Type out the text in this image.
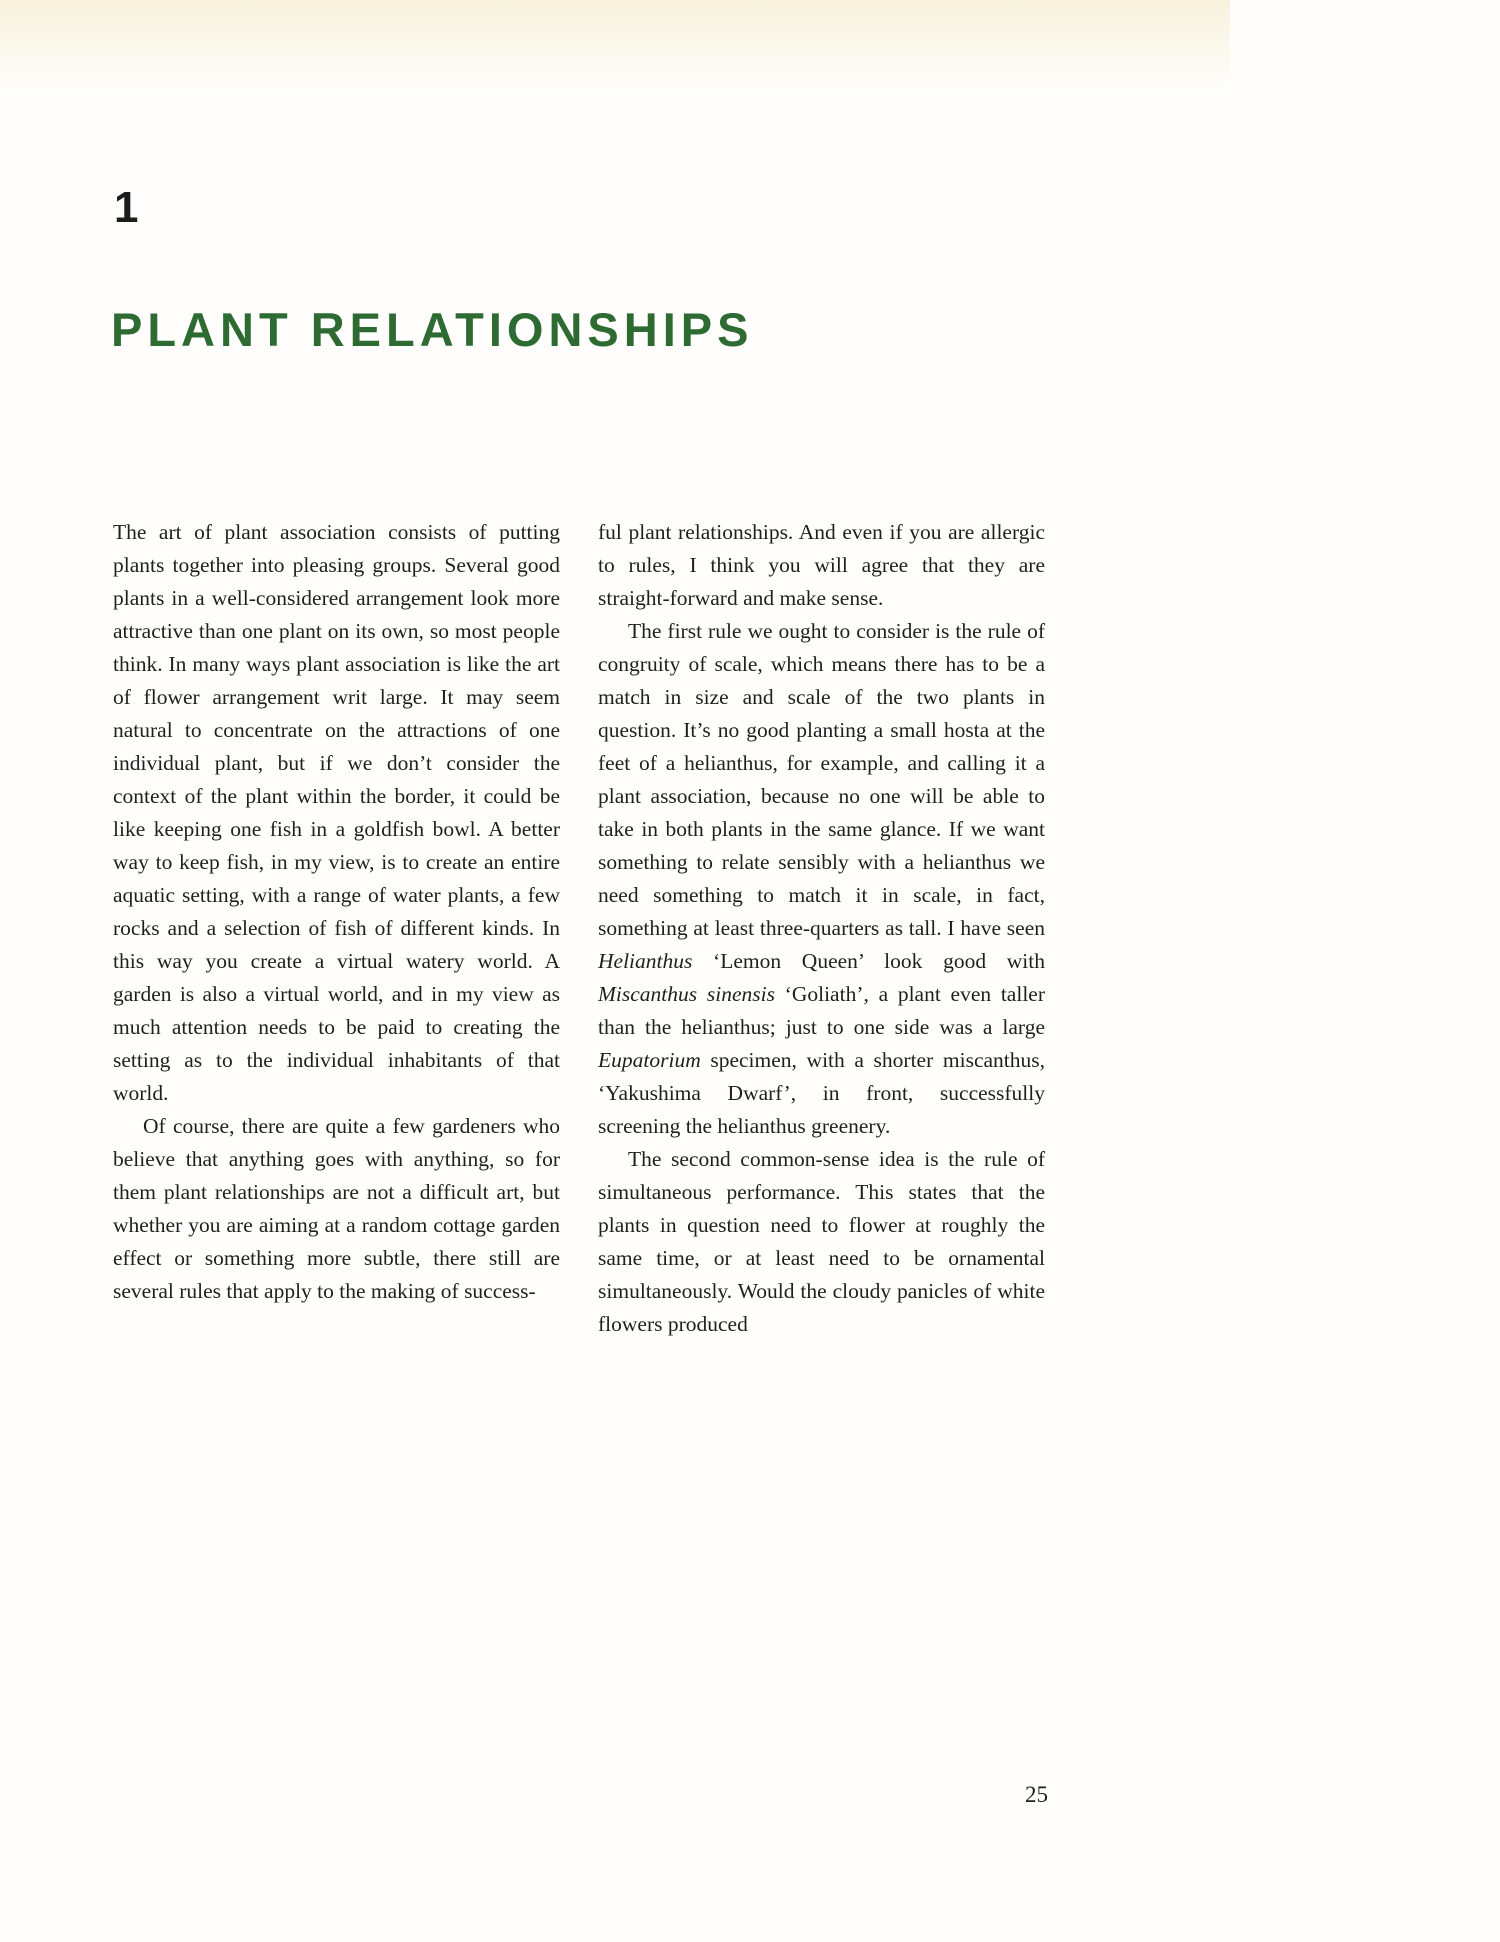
1
PLANT RELATIONSHIPS

The art of plant association consists of putting plants together into pleasing groups. Several good plants in a well-considered arrangement look more attractive than one plant on its own, so most people think. In many ways plant association is like the art of flower arrangement writ large. It may seem natural to concentrate on the attractions of one individual plant, but if we don’t consider the context of the plant within the border, it could be like keeping one fish in a goldfish bowl. A better way to keep fish, in my view, is to create an entire aquatic setting, with a range of water plants, a few rocks and a selection of fish of different kinds. In this way you create a virtual watery world. A garden is also a virtual world, and in my view as much attention needs to be paid to creating the setting as to the individual inhabitants of that world.

Of course, there are quite a few gardeners who believe that anything goes with anything, so for them plant relationships are not a difficult art, but whether you are aiming at a random cottage garden effect or something more subtle, there still are several rules that apply to the making of success-

ful plant relationships. And even if you are allergic to rules, I think you will agree that they are straight-forward and make sense.

The first rule we ought to consider is the rule of congruity of scale, which means there has to be a match in size and scale of the two plants in question. It’s no good planting a small hosta at the feet of a helianthus, for example, and calling it a plant association, because no one will be able to take in both plants in the same glance. If we want something to relate sensibly with a helianthus we need something to match it in scale, in fact, something at least three-quarters as tall. I have seen Helianthus ‘Lemon Queen’ look good with Miscanthus sinensis ‘Goliath’, a plant even taller than the helianthus; just to one side was a large Eupatorium specimen, with a shorter miscanthus, ‘Yakushima Dwarf’, in front, successfully screening the helianthus greenery.

The second common-sense idea is the rule of simultaneous performance. This states that the plants in question need to flower at roughly the same time, or at least need to be ornamental simultaneously. Would the cloudy panicles of white flowers produced

25
